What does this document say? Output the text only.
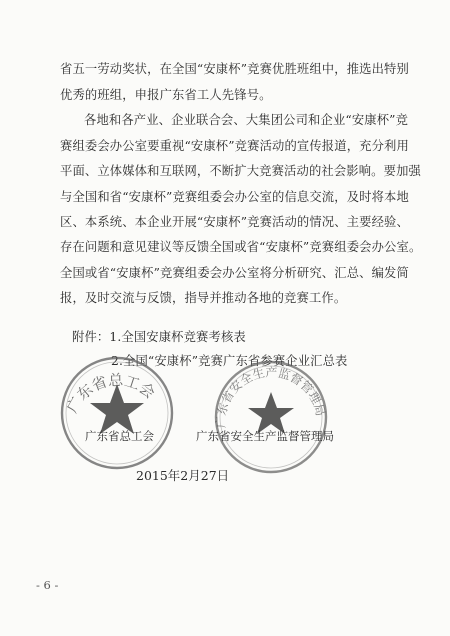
省五一劳动奖状，在全国“安康杯”竞赛优胜班组中，推选出特别
优秀的班组，申报广东省工人先锋号。
各地和各产业、企业联合会、大集团公司和企业“安康杯”竞
赛组委会办公室要重视“安康杯”竞赛活动的宣传报道，充分利用
平面、立体媒体和互联网，不断扩大竞赛活动的社会影响。要加强
与全国和省“安康杯”竞赛组委会办公室的信息交流，及时将本地
区、本系统、本企业开展“安康杯”竞赛活动的情况、主要经验、
存在问题和意见建议等反馈全国或省“安康杯”竞赛组委会办公室。
全国或省“安康杯”竞赛组委会办公室将分析研究、汇总、编发简
报，及时交流与反馈，指导并推动各地的竞赛工作。
附件：1.全国安康杯竞赛考核表
2.全国“安康杯”竞赛广东省参赛企业汇总表
广东省总工会
广东省安全生产监督管理局
广东省总工会	广东省安全生产监督管理局
2015年2月27日
- 6 -
